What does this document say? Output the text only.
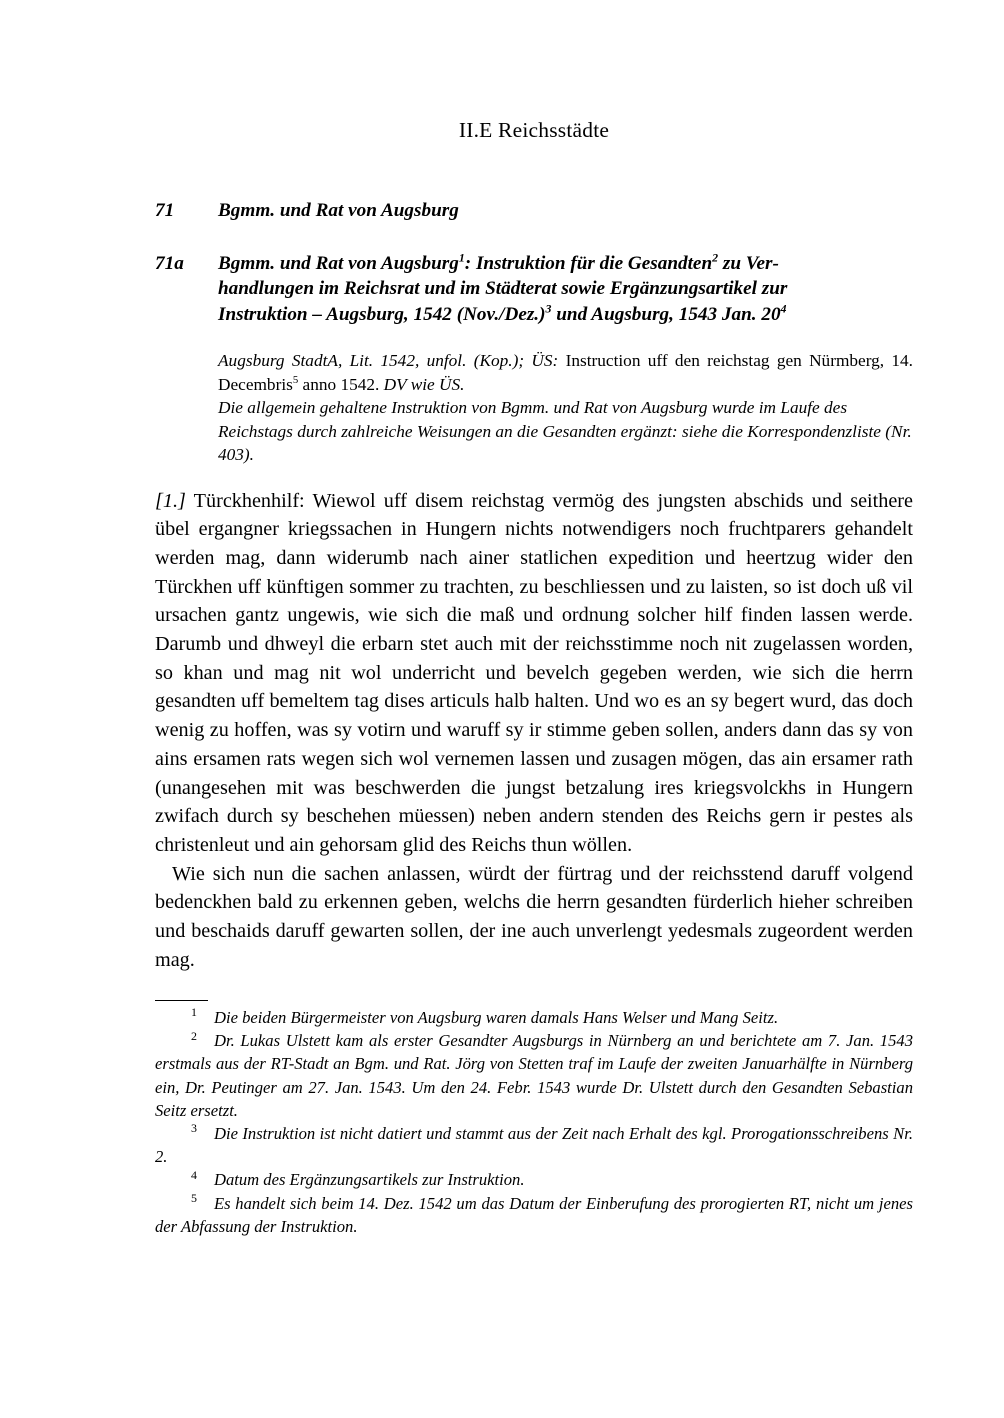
II.E Reichsstädte
71 Bgmm. und Rat von Augsburg
71a Bgmm. und Rat von Augsburg$^1$: Instruktion für die Gesandten$^2$ zu Ver-
handlungen im Reichsrat und im Städterat sowie Ergänzungsartikel zur
Instruktion – Augsburg, 1542 $(Nov./Dez.)^3$ und Augsburg, 1543 Jan. $20^4$
Augsburg StadtA, Lit. 1542, unfol. (Kop.); ÜS: Instruction uff den reichstag gen Nürmberg, 14. Decembris$^5$ anno 1542. DV wie ÜS.
Die allgemein gehaltene Instruktion von Bgmm. und Rat von Augsburg wurde im Laufe des Reichstags durch zahlreiche Weisungen an die Gesandten ergänzt: siehe die Korrespondenzliste (Nr. 403).

[1.] Türckhenhilf: Wiewol uff disem reichstag vermög des jungsten abschids und seithere übel ergangner kriegssachen in Hungern nichts notwendigers noch fruchtparers gehandelt werden mag, dann widerumb nach ainer statlichen expedition und heertzug wider den Türckhen uff künftigen sommer zu trachten, zu beschliessen und zu laisten, so ist doch uß vil ursachen gantz ungewis, wie sich die maß und ordnung solcher hilf finden lassen werde. Darumb und dhweyl die erbarn stet auch mit der reichsstimme noch nit zugelassen worden, so khan und mag nit wol underricht und bevelch gegeben werden, wie sich die herrn gesandten uff bemeltem tag dises articuls halb halten. Und wo es an sy begert wurd, das doch wenig zu hoffen, was sy votirn und waruff sy ir stimme geben sollen, anders dann das sy von ains ersamen rats wegen sich wol vernemen lassen und zusagen mögen, das ain ersamer rath (unangesehen mit was beschwerden die jungst betzalung ires kriegsvolckhs in Hungern zwifach durch sy beschehen müessen) neben andern stenden des Reichs gern ir pestes als christenleut und ain gehorsam glid des Reichs thun wöllen.

Wie sich nun die sachen anlassen, würdt der fürtrag und der reichsstend daruff volgend bedenckhen bald zu erkennen geben, welchs die herrn gesandten fürderlich hieher schreiben und beschaids daruff gewarten sollen, der ine auch unverlengt yedesmals zugeordent werden mag.

$^1$ Die beiden Bürgermeister von Augsburg waren damals Hans Welser und Mang Seitz.

$^2$ Dr. Lukas Ulstett kam als erster Gesandter Augsburgs in Nürnberg an und berichtete am 7. Jan. 1543 erstmals aus der RT-Stadt an Bgm. und Rat. Jörg von Stetten traf im Laufe der zweiten Januarhälfte in Nürnberg ein, Dr. Peutinger am 27. Jan. 1543. Um den 24. Febr. 1543 wurde Dr. Ulstett durch den Gesandten Sebastian Seitz ersetzt.

$^3$ Die Instruktion ist nicht datiert und stammt aus der Zeit nach Erhalt des kgl. Prorogationsschreibens Nr. 2.

$^4$ Datum des Ergänzungsartikels zur Instruktion.

$^5$ Es handelt sich beim 14. Dez. 1542 um das Datum der Einberufung des prorogierten RT, nicht um jenes der Abfassung der Instruktion.
